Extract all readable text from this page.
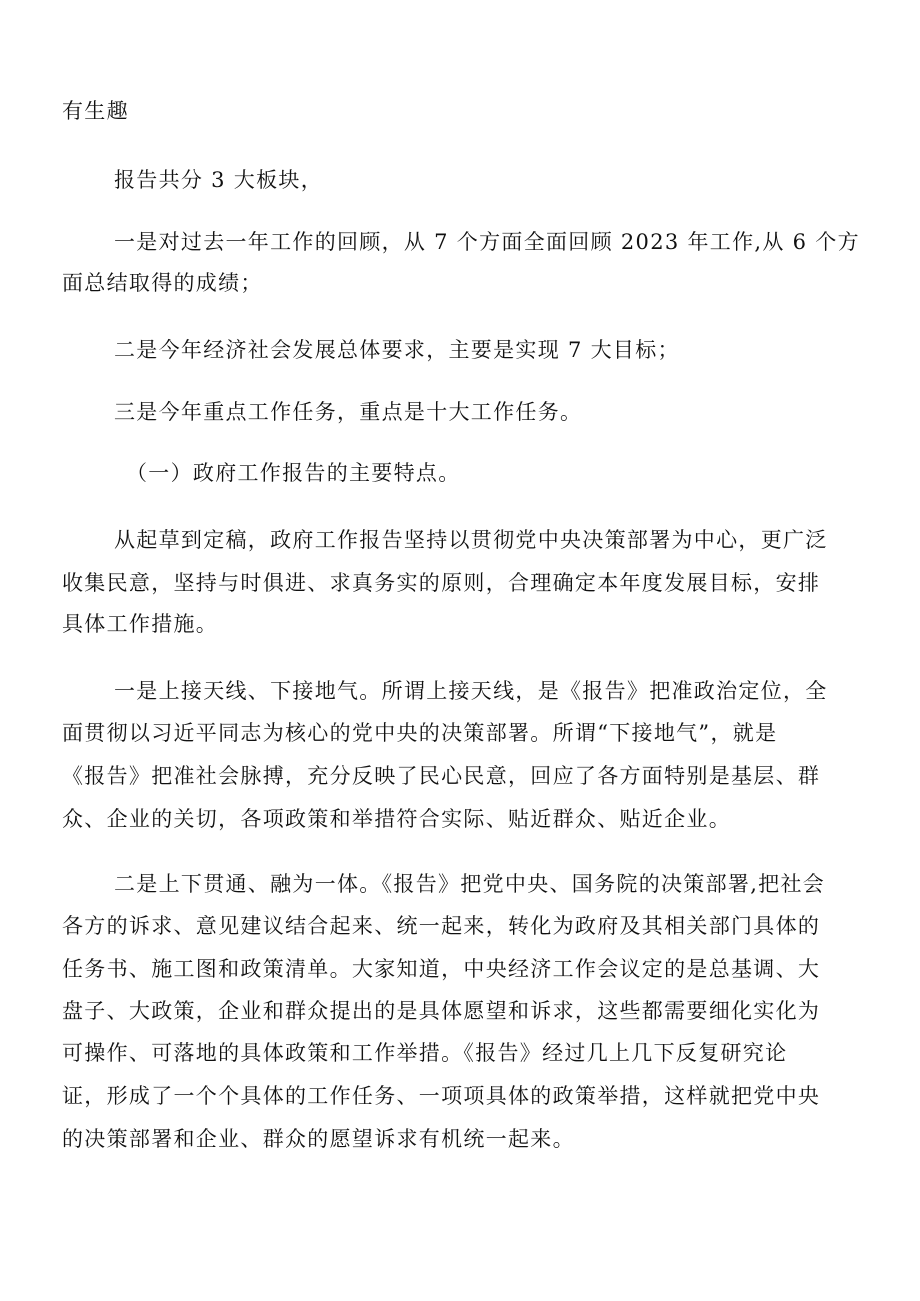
有生趣
报告共分 3 大板块，
一是对过去一年工作的回顾，从 7 个方面全面回顾 2023 年工作,从 6 个方
面总结取得的成绩；
二是今年经济社会发展总体要求，主要是实现 7 大目标；
三是今年重点工作任务，重点是十大工作任务。
（一）政府工作报告的主要特点。
从起草到定稿，政府工作报告坚持以贯彻党中央决策部署为中心，更广泛
收集民意，坚持与时俱进、求真务实的原则，合理确定本年度发展目标，安排
具体工作措施。
一是上接天线、下接地气。所谓上接天线，是《报告》把准政治定位，全
面贯彻以习近平同志为核心的党中央的决策部署。所谓“下接地气”，就是
《报告》把准社会脉搏，充分反映了民心民意，回应了各方面特别是基层、群
众、企业的关切，各项政策和举措符合实际、贴近群众、贴近企业。
二是上下贯通、融为一体。《报告》把党中央、国务院的决策部署,把社会
各方的诉求、意见建议结合起来、统一起来，转化为政府及其相关部门具体的
任务书、施工图和政策清单。大家知道，中央经济工作会议定的是总基调、大
盘子、大政策，企业和群众提出的是具体愿望和诉求，这些都需要细化实化为
可操作、可落地的具体政策和工作举措。《报告》经过几上几下反复研究论
证，形成了一个个具体的工作任务、一项项具体的政策举措，这样就把党中央
的决策部署和企业、群众的愿望诉求有机统一起来。
